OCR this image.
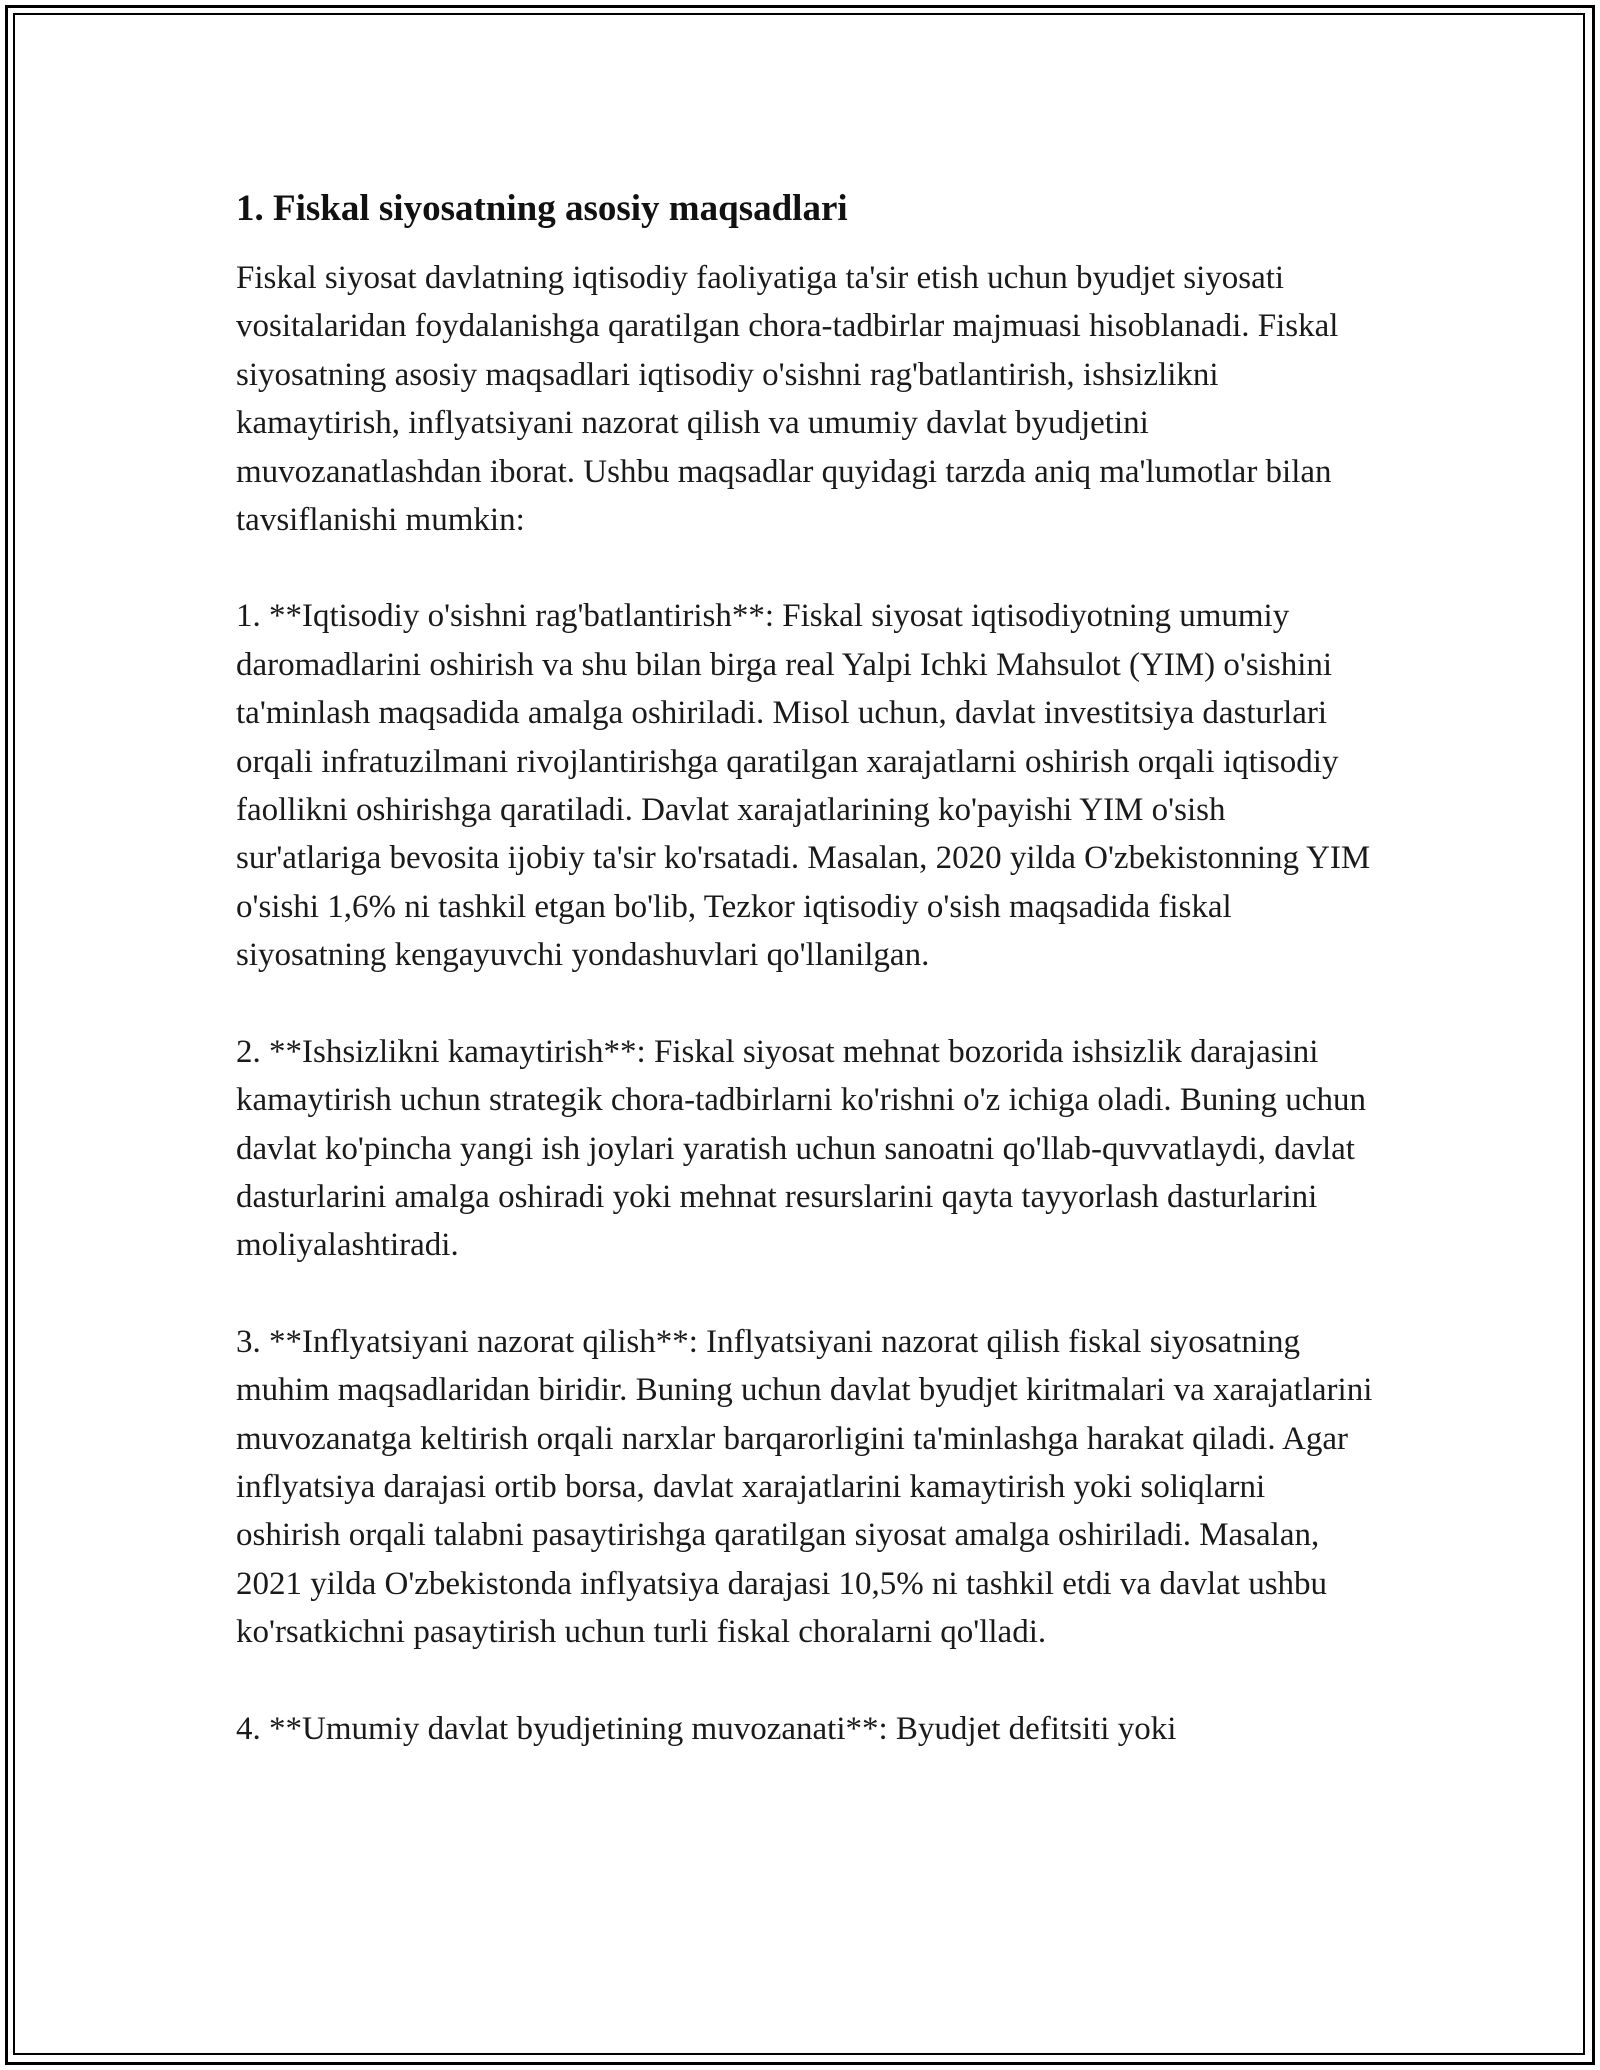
1. Fiskal siyosatning asosiy maqsadlari

Fiskal siyosat davlatning iqtisodiy faoliyatiga ta'sir etish uchun byudjet siyosati vositalaridan foydalanishga qaratilgan chora-tadbirlar majmuasi hisoblanadi. Fiskal siyosatning asosiy maqsadlari iqtisodiy o'sishni rag'batlantirish, ishsizlikni kamaytirish, inflyatsiyani nazorat qilish va umumiy davlat byudjetini muvozanatlashdan iborat. Ushbu maqsadlar quyidagi tarzda aniq ma'lumotlar bilan tavsiflanishi mumkin:

1. **Iqtisodiy o'sishni rag'batlantirish**: Fiskal siyosat iqtisodiyotning umumiy daromadlarini oshirish va shu bilan birga real Yalpi Ichki Mahsulot (YIM) o'sishini ta'minlash maqsadida amalga oshiriladi. Misol uchun, davlat investitsiya dasturlari orqali infratuzilmani rivojlantirishga qaratilgan xarajatlarni oshirish orqali iqtisodiy faollikni oshirishga qaratiladi. Davlat xarajatlarining ko'payishi YIM o'sish sur'atlariga bevosita ijobiy ta'sir ko'rsatadi. Masalan, 2020 yilda O'zbekistonning YIM o'sishi 1,6% ni tashkil etgan bo'lib, Tezkor iqtisodiy o'sish maqsadida fiskal siyosatning kengayuvchi yondashuvlari qo'llanilgan.

2. **Ishsizlikni kamaytirish**: Fiskal siyosat mehnat bozorida ishsizlik darajasini kamaytirish uchun strategik chora-tadbirlarni ko'rishni o'z ichiga oladi. Buning uchun davlat ko'pincha yangi ish joylari yaratish uchun sanoatni qo'llab-quvvatlaydi, davlat dasturlarini amalga oshiradi yoki mehnat resurslarini qayta tayyorlash dasturlarini moliyalashtiradi.

3. **Inflyatsiyani nazorat qilish**: Inflyatsiyani nazorat qilish fiskal siyosatning muhim maqsadlaridan biridir. Buning uchun davlat byudjet kiritmalari va xarajatlarini muvozanatga keltirish orqali narxlar barqarorligini ta'minlashga harakat qiladi. Agar inflyatsiya darajasi ortib borsa, davlat xarajatlarini kamaytirish yoki soliqlarni oshirish orqali talabni pasaytirishga qaratilgan siyosat amalga oshiriladi. Masalan, 2021 yilda O'zbekistonda inflyatsiya darajasi 10,5% ni tashkil etdi va davlat ushbu ko'rsatkichni pasaytirish uchun turli fiskal choralarni qo'lladi.

4. **Umumiy davlat byudjetining muvozanati**: Byudjet defitsiti yoki
